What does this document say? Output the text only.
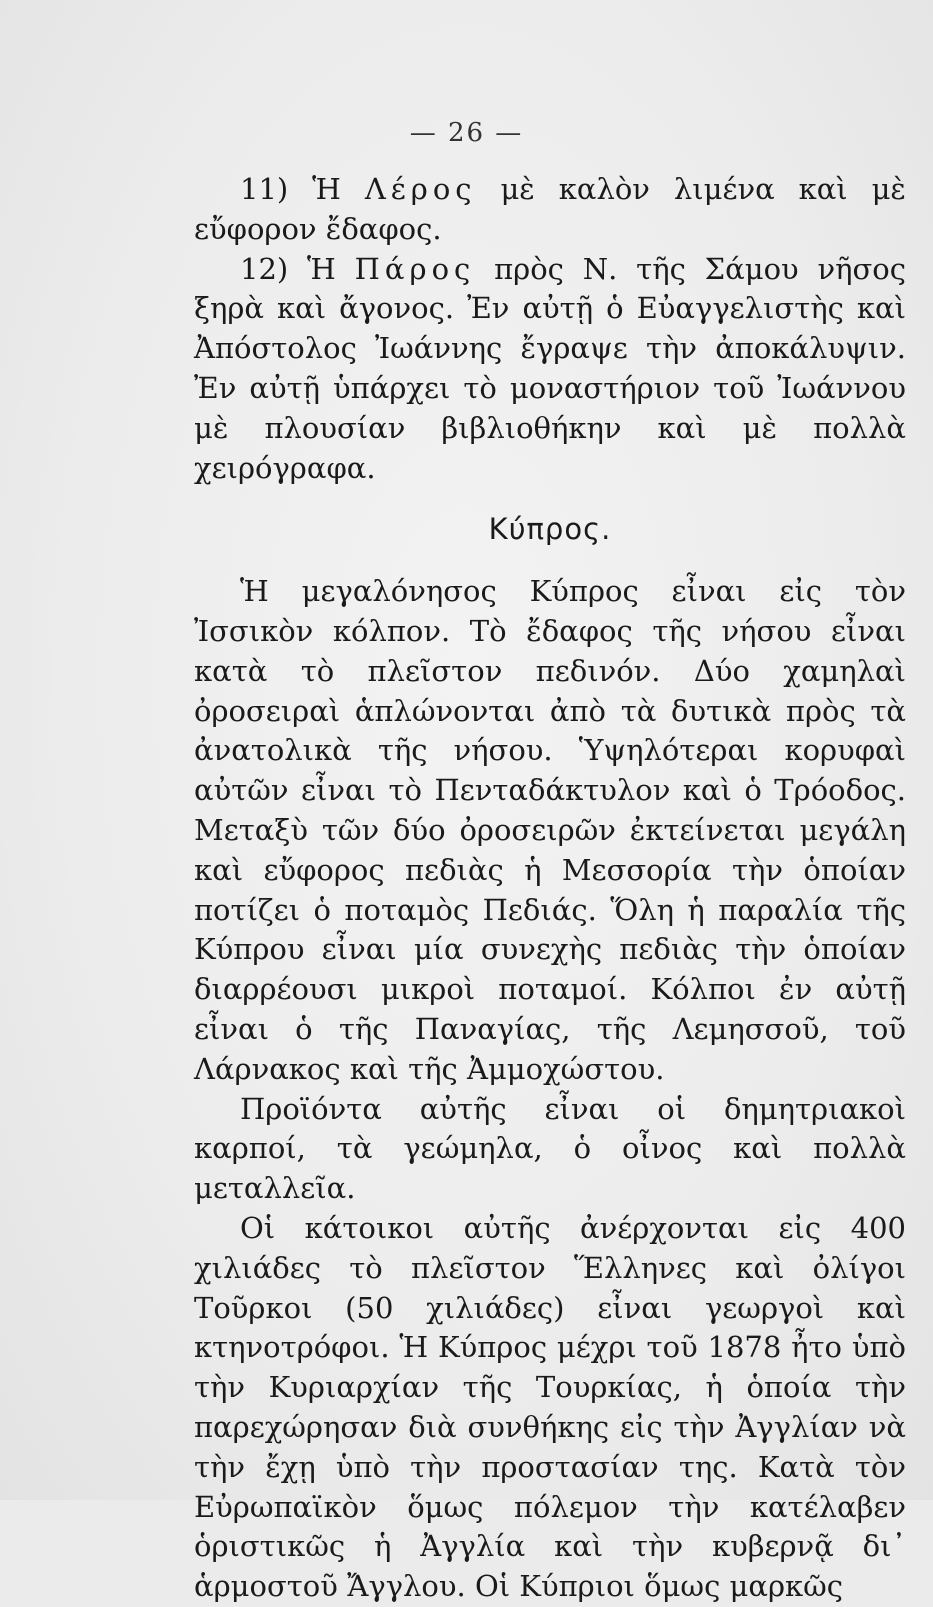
— 26 —

11) Ἡ Λέρος μὲ καλὸν λιμένα καὶ μὲ εὔφορον ἔδαφος.

12) Ἡ Πάρος πρὸς Ν. τῆς Σάμου νῆσος ξηρὰ καὶ ἄγονος. Ἐν αὐτῇ ὁ Εὐαγγελιστὴς καὶ Ἀπόστολος Ἰωάννης ἔγραψε τὴν ἀποκάλυψιν. Ἐν αὐτῇ ὑπάρχει τὸ μοναστήριον τοῦ Ἰωάννου μὲ πλουσίαν βιβλιοθήκην καὶ μὲ πολλὰ χειρόγραφα.

Κύπρος.

Ἡ μεγαλόνησος Κύπρος εἶναι εἰς τὸν Ἰσσικὸν κόλπον. Τὸ ἔδαφος τῆς νήσου εἶναι κατὰ τὸ πλεῖστον πεδινόν. Δύο χαμηλαὶ ὀροσειραὶ ἁπλώνονται ἀπὸ τὰ δυτικὰ πρὸς τὰ ἀνατολικὰ τῆς νήσου. Ὑψηλότεραι κορυφαὶ αὐτῶν εἶναι τὸ Πενταδάκτυλον καὶ ὁ Τρόοδος. Μεταξὺ τῶν δύο ὀροσειρῶν ἐκτείνεται μεγάλη καὶ εὔφορος πεδιὰς ἡ Μεσσορία τὴν ὁποίαν ποτίζει ὁ ποταμὸς Πεδιάς. Ὅλη ἡ παραλία τῆς Κύπρου εἶναι μία συνεχὴς πεδιὰς τὴν ὁποίαν διαρρέουσι μικροὶ ποταμοί. Κόλποι ἐν αὐτῇ εἶναι ὁ τῆς Παναγίας, τῆς Λεμησσοῦ, τοῦ Λάρνακος καὶ τῆς Ἀμμοχώστου.

Προϊόντα αὐτῆς εἶναι οἱ δημητριακοὶ καρποί, τὰ γεώμηλα, ὁ οἶνος καὶ πολλὰ μεταλλεῖα.

Οἱ κάτοικοι αὐτῆς ἀνέρχονται εἰς 400 χιλιάδες τὸ πλεῖστον Ἕλληνες καὶ ὀλίγοι Τοῦρκοι (50 χιλιάδες) εἶναι γεωργοὶ καὶ κτηνοτρόφοι. Ἡ Κύπρος μέχρι τοῦ 1878 ἦτο ὑπὸ τὴν Κυριαρχίαν τῆς Τουρκίας, ἡ ὁποία τὴν παρεχώρησαν διὰ συνθήκης εἰς τὴν Ἀγγλίαν νὰ τὴν ἔχῃ ὑπὸ τὴν προστασίαν της. Κατὰ τὸν Εὐρωπαϊκὸν ὅμως πόλεμον τὴν κατέλαβεν ὁριστικῶς ἡ Ἀγγλία καὶ τὴν κυβερνᾷ δι᾽ ἁρμοστοῦ Ἄγγλου. Οἱ Κύπριοι ὅμως μαρκῶς
